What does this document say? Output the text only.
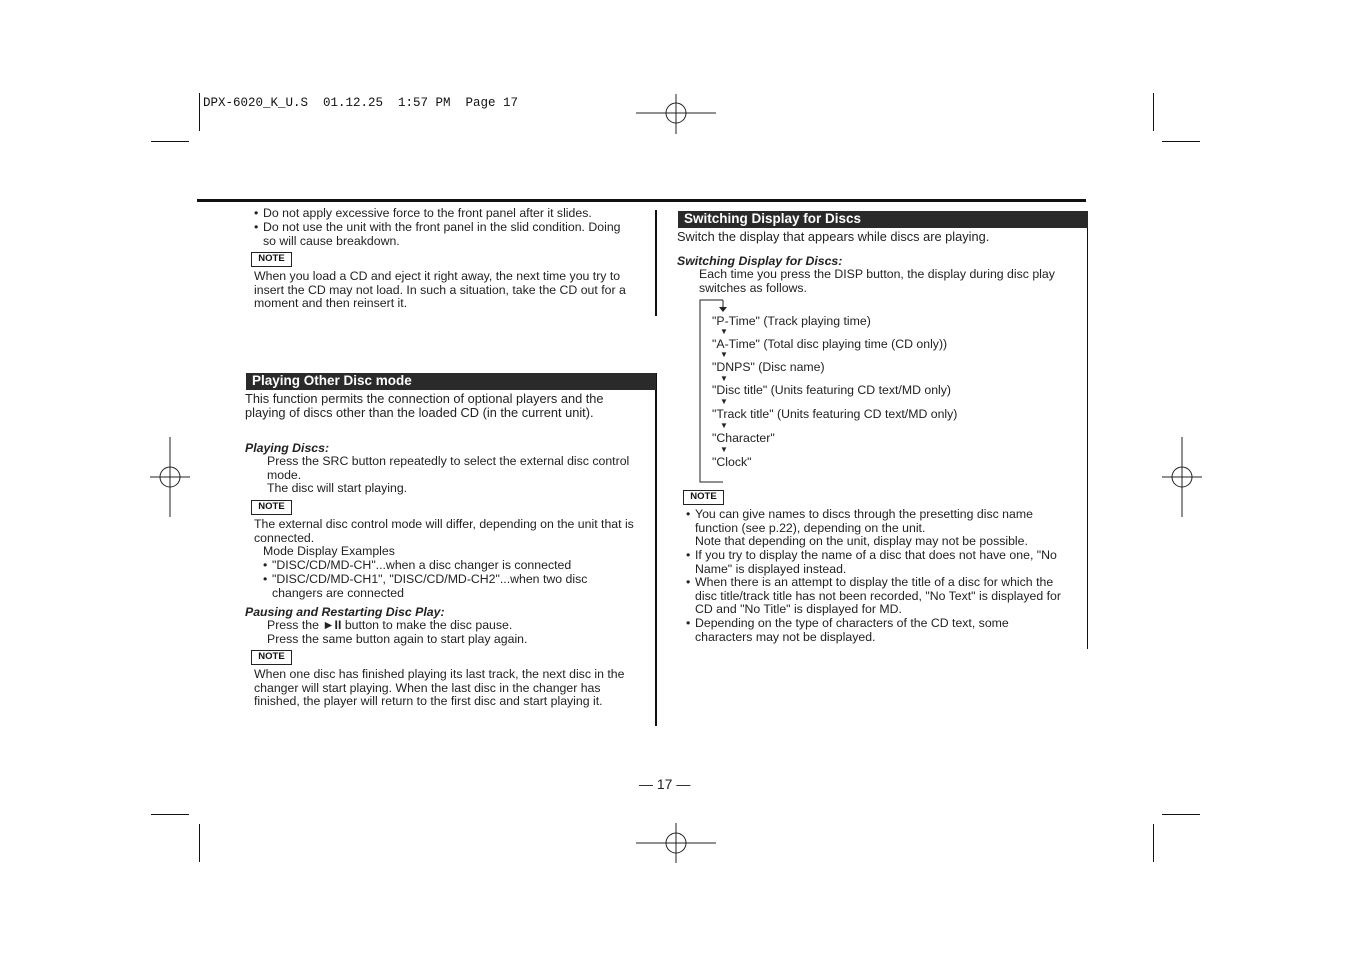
DPX-6020_K_U.S  01.12.25  1:57 PM  Page 17
• Do not apply excessive force to the front panel after it slides.
• Do not use the unit with the front panel in the slid condition. Doing so will cause breakdown.
NOTE
When you load a CD and eject it right away, the next time you try to insert the CD may not load. In such a situation, take the CD out for a moment and then reinsert it.
Playing Other Disc mode
This function permits the connection of optional players and the playing of discs other than the loaded CD (in the current unit).
Playing Discs:
Press the SRC button repeatedly to select the external disc control mode.
The disc will start playing.
NOTE
The external disc control mode will differ, depending on the unit that is connected.
Mode Display Examples
• "DISC/CD/MD-CH"...when a disc changer is connected
• "DISC/CD/MD-CH1", "DISC/CD/MD-CH2"...when two disc changers are connected
Pausing and Restarting Disc Play:
Press the ►II button to make the disc pause.
Press the same button again to start play again.
NOTE
When one disc has finished playing its last track, the next disc in the changer will start playing. When the last disc in the changer has finished, the player will return to the first disc and start playing it.
Switching Display for Discs
Switch the display that appears while discs are playing.
Switching Display for Discs:
Each time you press the DISP button, the display during disc play switches as follows.
"P-Time" (Track playing time)
▼
"A-Time" (Total disc playing time (CD only))
▼
"DNPS" (Disc name)
▼
"Disc title" (Units featuring CD text/MD only)
▼
"Track title" (Units featuring CD text/MD only)
▼
"Character"
▼
"Clock"
NOTE
• You can give names to discs through the presetting disc name function (see p.22), depending on the unit.
Note that depending on the unit, display may not be possible.
• If you try to display the name of a disc that does not have one, "No Name" is displayed instead.
• When there is an attempt to display the title of a disc for which the disc title/track title has not been recorded, "No Text" is displayed for CD and "No Title" is displayed for MD.
• Depending on the type of characters of the CD text, some characters may not be displayed.
— 17 —
